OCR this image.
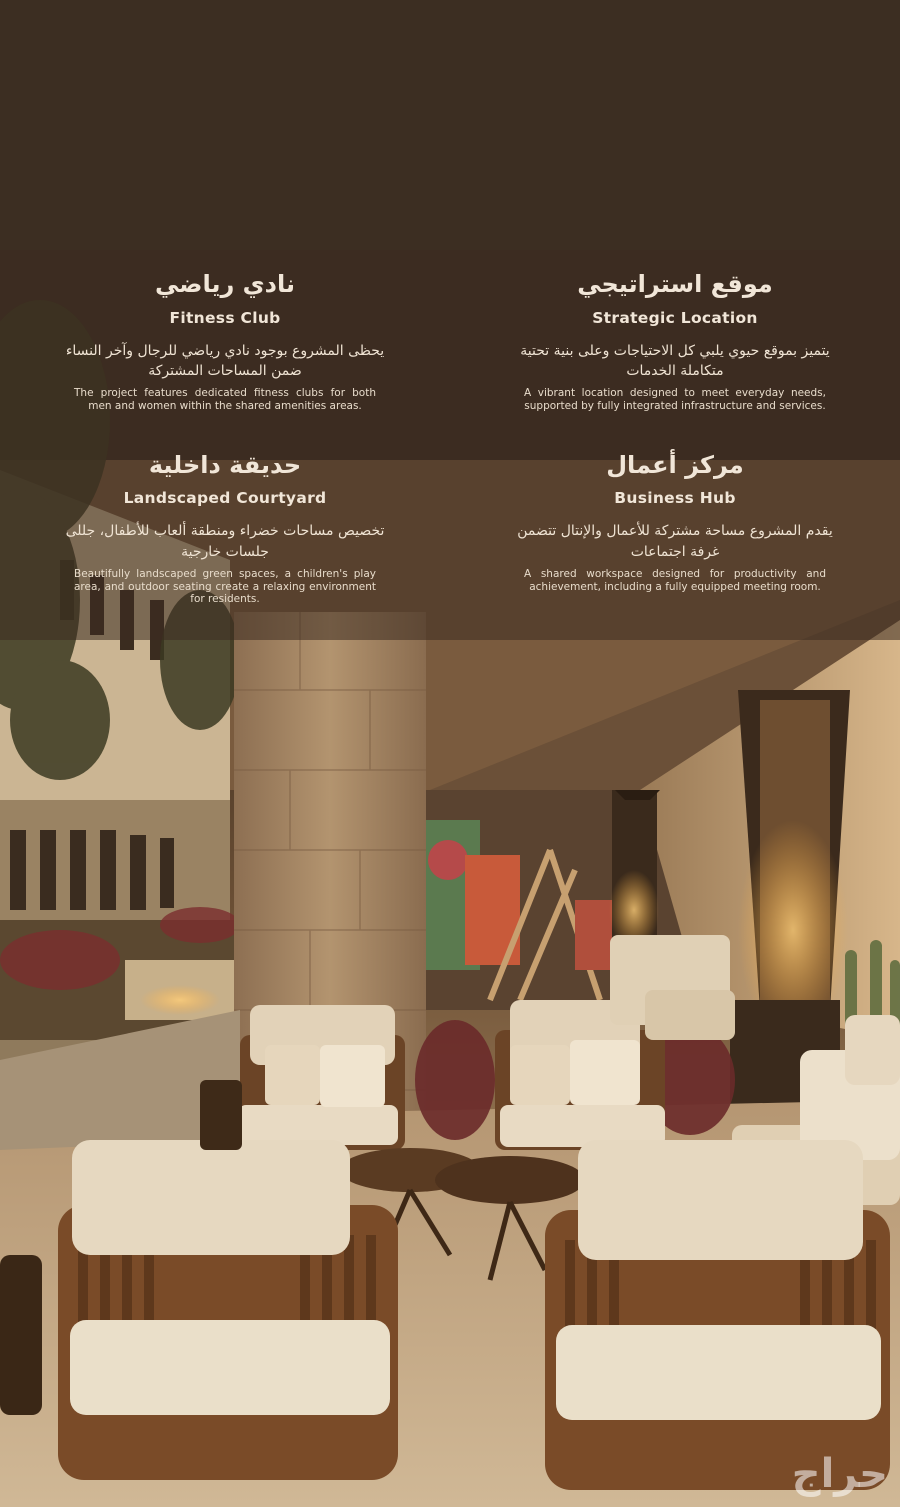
نادي رياضي
Fitness Club
يحظى المشروع بوجود نادي رياضي للرجال وآخر النساء ضمن المساحات المشتركة
The project features dedicated fitness clubs for both men and women within the shared amenities areas.
موقع استراتيجي
Strategic Location
يتميز بموقع حيوي يلبي كل الاحتياجات وعلى بنية تحتية متكاملة الخدمات
A vibrant location designed to meet everyday needs, supported by fully integrated infrastructure and services.
حديقة داخلية
Landscaped Courtyard
تخصيص مساحات خضراء ومنطقة ألعاب للأطفال، جللى جلسات خارجية
Beautifully landscaped green spaces, a children's play area, and outdoor seating create a relaxing environment for residents.
مركز أعمال
Business Hub
يقدم المشروع مساحة مشتركة للأعمال والإنتال تتضمن غرفة اجتماعات
A shared workspace designed for productivity and achievement, including a fully equipped meeting room.
حراج
